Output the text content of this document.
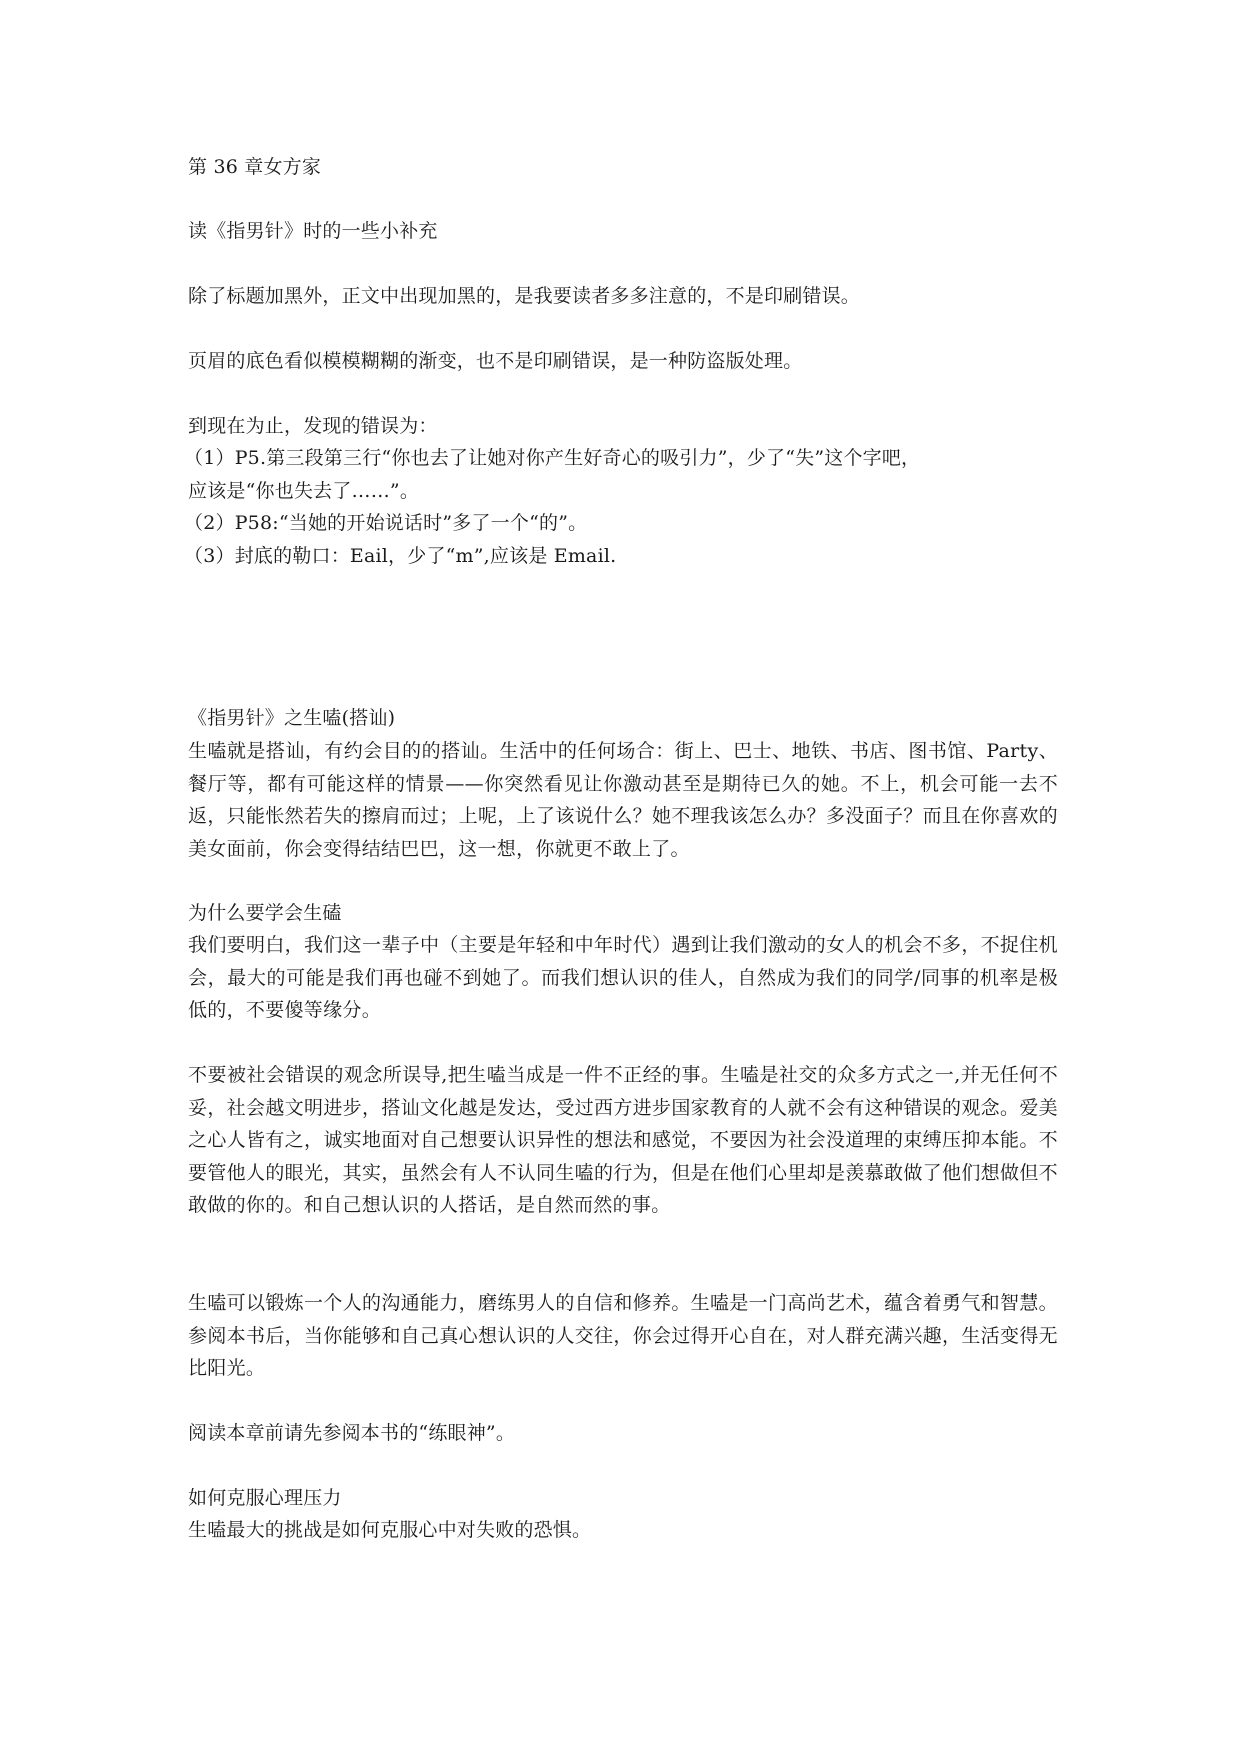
第 36 章女方家
读《指男针》时的一些小补充
除了标题加黑外，正文中出现加黑的，是我要读者多多注意的，不是印刷错误。
页眉的底色看似模模糊糊的渐变，也不是印刷错误，是一种防盗版处理。
到现在为止，发现的错误为：
（1）P5.第三段第三行“你也去了让她对你产生好奇心的吸引力”，少了“失”这个字吧，
应该是“你也失去了……”。
（2）P58:“当她的开始说话时”多了一个“的”。
（3）封底的勒口：Eail，少了“m”,应该是 Email.
《指男针》之生嗑(搭讪)
生嗑就是搭讪，有约会目的的搭讪。生活中的任何场合：街上、巴士、地铁、书店、图书馆、Party、餐厅等，都有可能这样的情景——你突然看见让你激动甚至是期待已久的她。不上，机会可能一去不返，只能怅然若失的擦肩而过；上呢，上了该说什么？她不理我该怎么办？多没面子？而且在你喜欢的美女面前，你会变得结结巴巴，这一想，你就更不敢上了。
为什么要学会生磕
我们要明白，我们这一辈子中（主要是年轻和中年时代）遇到让我们激动的女人的机会不多，不捉住机会，最大的可能是我们再也碰不到她了。而我们想认识的佳人，自然成为我们的同学/同事的机率是极低的，不要傻等缘分。
不要被社会错误的观念所误导,把生嗑当成是一件不正经的事。生嗑是社交的众多方式之一,并无任何不妥，社会越文明进步，搭讪文化越是发达，受过西方进步国家教育的人就不会有这种错误的观念。爱美之心人皆有之，诚实地面对自己想要认识异性的想法和感觉，不要因为社会没道理的束缚压抑本能。不要管他人的眼光，其实，虽然会有人不认同生嗑的行为，但是在他们心里却是羡慕敢做了他们想做但不敢做的你的。和自己想认识的人搭话，是自然而然的事。
生嗑可以锻炼一个人的沟通能力，磨练男人的自信和修养。生嗑是一门高尚艺术，蕴含着勇气和智慧。参阅本书后，当你能够和自己真心想认识的人交往，你会过得开心自在，对人群充满兴趣，生活变得无比阳光。
阅读本章前请先参阅本书的“练眼神”。
如何克服心理压力
生嗑最大的挑战是如何克服心中对失败的恐惧。
